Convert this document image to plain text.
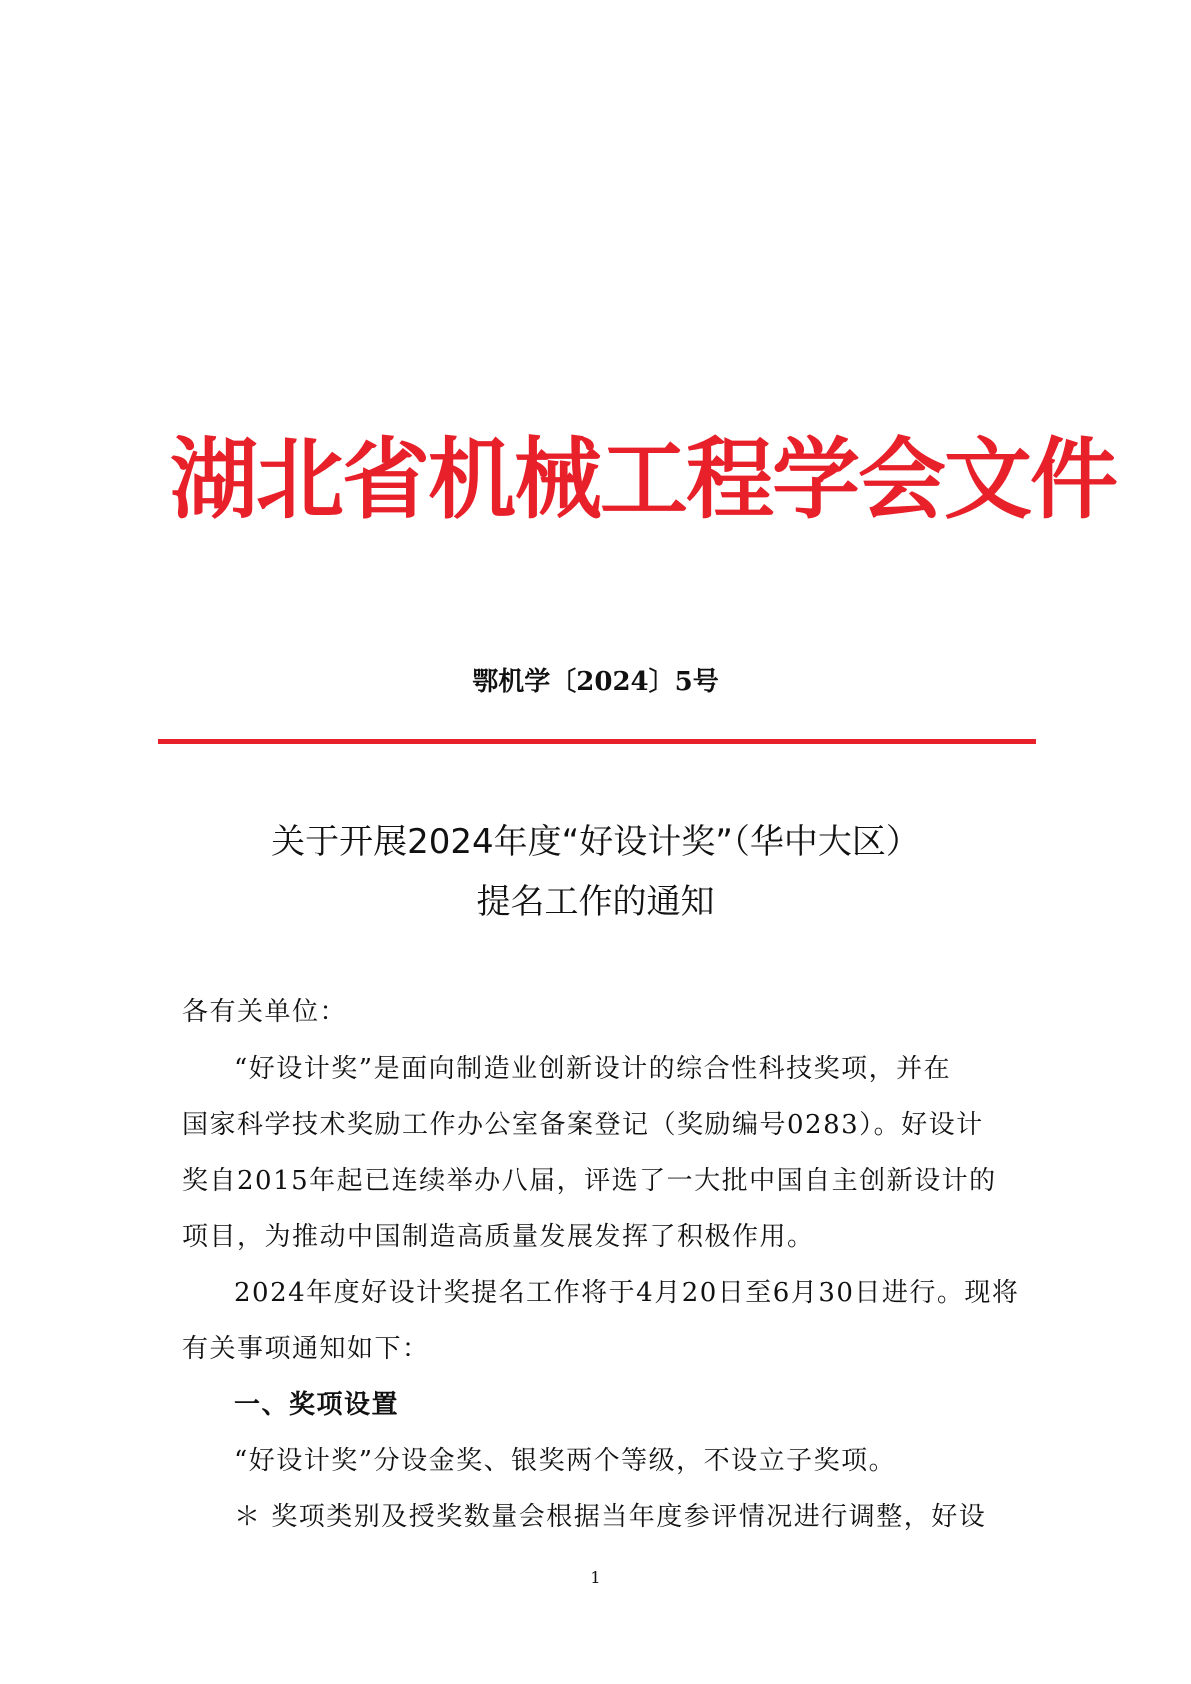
湖北省机械工程学会文件
鄂机学〔2024〕5号
关于开展2024年度“好设计奖”（华中大区）
提名工作的通知
各有关单位：
“好设计奖”是面向制造业创新设计的综合性科技奖项，并在
国家科学技术奖励工作办公室备案登记（奖励编号0283）。好设计
奖自2015年起已连续举办八届，评选了一大批中国自主创新设计的
项目，为推动中国制造高质量发展发挥了积极作用。
2024年度好设计奖提名工作将于4月20日至6月30日进行。现将
有关事项通知如下：
一、奖项设置
“好设计奖”分设金奖、银奖两个等级，不设立子奖项。
＊ 奖项类别及授奖数量会根据当年度参评情况进行调整，好设
1
